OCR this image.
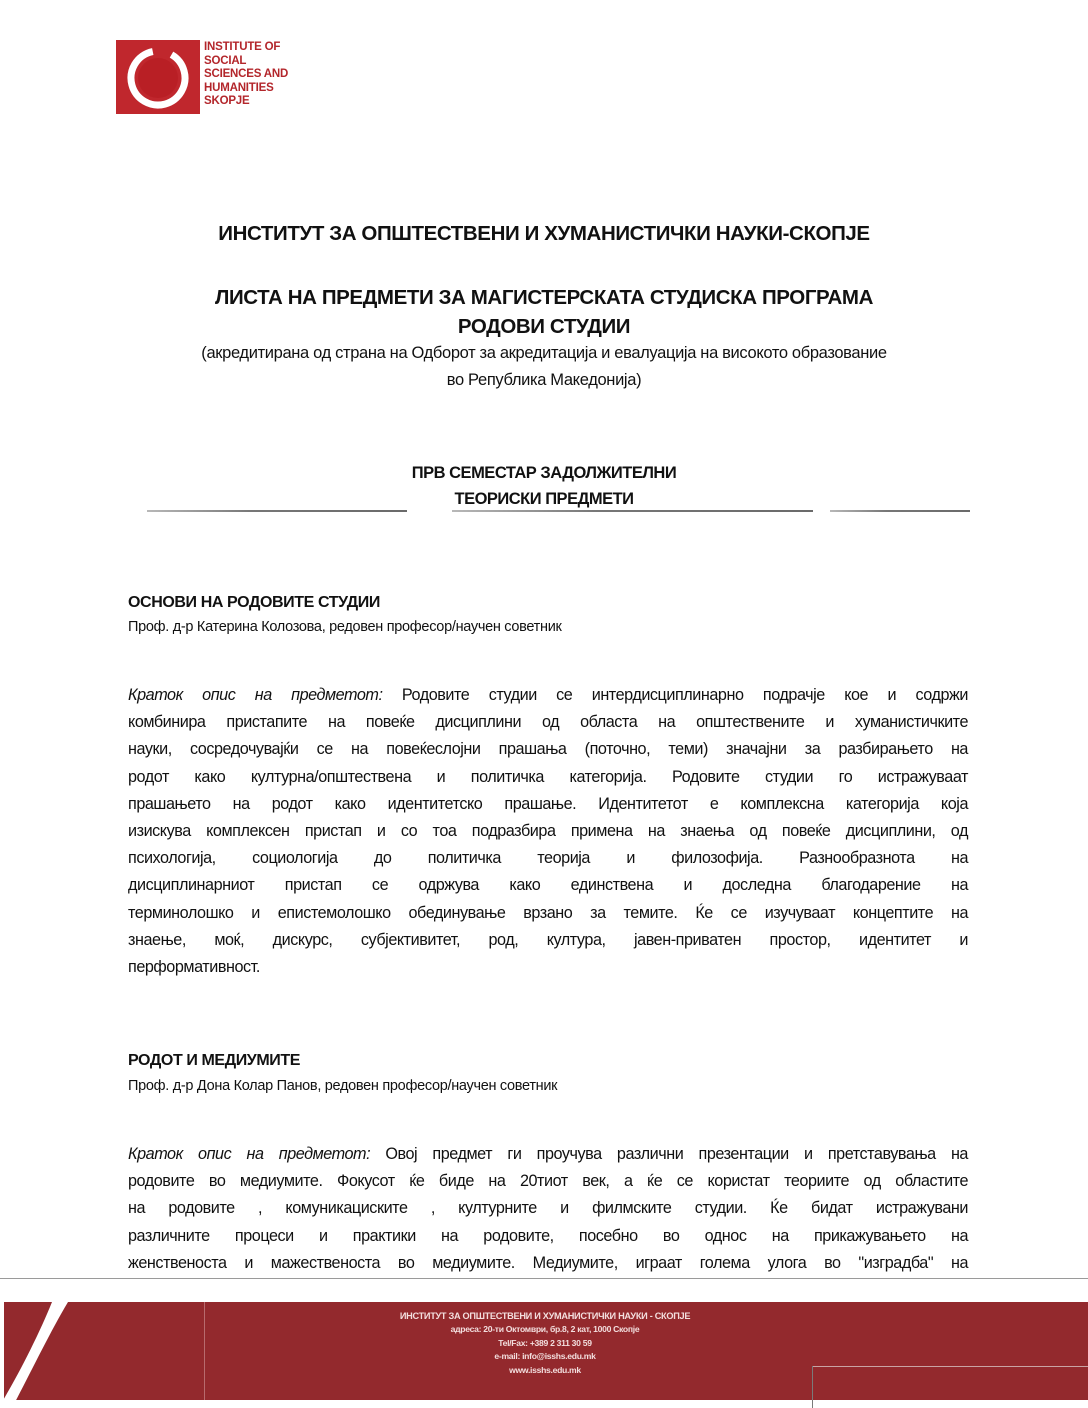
INSTITUTE OF
SOCIAL
SCIENCES AND
HUMANITIES
SKOPJE
ИНСТИТУТ ЗА ОПШТЕСТВЕНИ И ХУМАНИСТИЧКИ НАУКИ-СКОПЈЕ
ЛИСТА НА ПРЕДМЕТИ ЗА МАГИСТЕРСКАТА СТУДИСКА ПРОГРАМА
РОДОВИ СТУДИИ
(акредитирана од страна на Одборот за акредитација и евалуација на високото образование
во Република Македонија)
ПРВ СЕМЕСТАР ЗАДОЛЖИТЕЛНИ
ТЕОРИСКИ ПРЕДМЕТИ
ОСНОВИ НА РОДОВИТЕ СТУДИИ
Проф. д-р Катерина Колозова, редовен професор/научен советник
Краток опис на предметот: Родовите студии се интердисциплинарно подрачје кое и содржи
комбинира пристапите на повеќе дисциплини од областа на општествените и хуманистичките
науки, сосредочувајќи се на повеќеслојни прашања (поточно, теми) значајни за разбирањето на
родот како културна/општествена и политичка категорија. Родовите студии го истражуваат
прашањето на родот како идентитетско прашање. Идентитетот е комплексна категорија која
изискува комплексен пристап и со тоа подразбира примена на знаења од повеќе дисциплини, од
психологија, социологија до политичка теорија и филозофија. Разнообразнота на
дисциплинарниот пристап се одржува како единствена и доследна благодарение на
терминолошко и епистемолошко обединување врзано за темите. Ќе се изучуваат концептите на
знаење, моќ, дискурс, субјективитет, род, култура, јавен-приватен простор, идентитет и
перформативност.
РОДОТ И МЕДИУМИТЕ
Проф. д-р Дона Колар Панов, редовен професор/научен советник
Краток опис на предметот: Овој предмет ги проучува различни презентации и претставувања на
родовите во медиумите. Фокусот ќе биде на 20тиот век, а ќе се користат теориите од областите
на родовите , комуникациските , културните и филмските студии. Ќе бидат истражувани
различните процеси и практики на родовите, посебно во однос на прикажувањето на
женственоста и мажественоста во медиумите. Медиумите, играат голема улога во "изградба" на
ИНСТИТУТ ЗА ОПШТЕСТВЕНИ И ХУМАНИСТИЧКИ НАУКИ - СКОПЈЕ
адреса: 20-ти Октомври, бр.8, 2 кат, 1000 Скопје
Tel/Fax: +389 2 311 30 59
e-mail: info@isshs.edu.mk
www.isshs.edu.mk
